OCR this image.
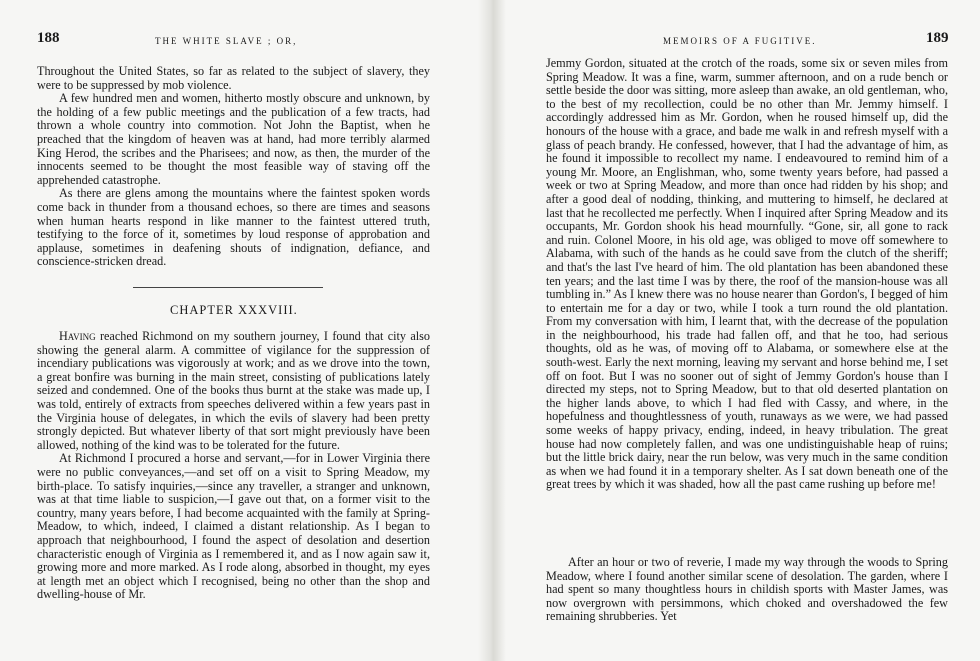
188	THE WHITE SLAVE ; OR,

Throughout the United States, so far as related to the subject of slavery, they were to be suppressed by mob violence.

A few hundred men and women, hitherto mostly obscure and unknown, by the holding of a few public meetings and the publication of a few tracts, had thrown a whole country into commotion. Not John the Baptist, when he preached that the kingdom of heaven was at hand, had more terribly alarmed King Herod, the scribes and the Pharisees; and now, as then, the murder of the innocents seemed to be thought the most feasible way of staving off the apprehended catastrophe.

As there are glens among the mountains where the faintest spoken words come back in thunder from a thousand echoes, so there are times and seasons when human hearts respond in like manner to the faintest uttered truth, testifying to the force of it, sometimes by loud response of approbation and applause, sometimes in deafening shouts of indignation, defiance, and conscience-stricken dread.

CHAPTER XXXVIII.

Having reached Richmond on my southern journey, I found that city also showing the general alarm. A committee of vigilance for the suppression of incendiary publications was vigorously at work; and as we drove into the town, a great bonfire was burning in the main street, consisting of publications lately seized and condemned. One of the books thus burnt at the stake was made up, I was told, entirely of extracts from speeches delivered within a few years past in the Virginia house of delegates, in which the evils of slavery had been pretty strongly depicted. But whatever liberty of that sort might previously have been allowed, nothing of the kind was to be tolerated for the future.

At Richmond I procured a horse and servant,—for in Lower Virginia there were no public conveyances,—and set off on a visit to Spring Meadow, my birth-place. To satisfy inquiries,—since any traveller, a stranger and unknown, was at that time liable to suspicion,—I gave out that, on a former visit to the country, many years before, I had become acquainted with the family at Spring-Meadow, to which, indeed, I claimed a distant relationship. As I began to approach that neighbourhood, I found the aspect of desolation and desertion characteristic enough of Virginia as I remembered it, and as I now again saw it, growing more and more marked. As I rode along, absorbed in thought, my eyes at length met an object which I recognised, being no other than the shop and dwelling-house of Mr.

MEMOIRS OF A FUGITIVE.	189

Jemmy Gordon, situated at the crotch of the roads, some six or seven miles from Spring Meadow. It was a fine, warm, summer afternoon, and on a rude bench or settle beside the door was sitting, more asleep than awake, an old gentleman, who, to the best of my recollection, could be no other than Mr. Jemmy himself. I accordingly addressed him as Mr. Gordon, when he roused himself up, did the honours of the house with a grace, and bade me walk in and refresh myself with a glass of peach brandy. He confessed, however, that I had the advantage of him, as he found it impossible to recollect my name. I endeavoured to remind him of a young Mr. Moore, an Englishman, who, some twenty years before, had passed a week or two at Spring Meadow, and more than once had ridden by his shop; and after a good deal of nodding, thinking, and muttering to himself, he declared at last that he recollected me perfectly. When I inquired after Spring Meadow and its occupants, Mr. Gordon shook his head mournfully. “Gone, sir, all gone to rack and ruin. Colonel Moore, in his old age, was obliged to move off somewhere to Alabama, with such of the hands as he could save from the clutch of the sheriff; and that's the last I've heard of him. The old plantation has been abandoned these ten years; and the last time I was by there, the roof of the mansion-house was all tumbling in.” As I knew there was no house nearer than Gordon's, I begged of him to entertain me for a day or two, while I took a turn round the old plantation. From my conversation with him, I learnt that, with the decrease of the population in the neighbourhood, his trade had fallen off, and that he too, had serious thoughts, old as he was, of moving off to Alabama, or somewhere else at the south-west. Early the next morning, leaving my servant and horse behind me, I set off on foot. But I was no sooner out of sight of Jemmy Gordon's house than I directed my steps, not to Spring Meadow, but to that old deserted plantation on the higher lands above, to which I had fled with Cassy, and where, in the hopefulness and thoughtlessness of youth, runaways as we were, we had passed some weeks of happy privacy, ending, indeed, in heavy tribulation. The great house had now completely fallen, and was one undistinguishable heap of ruins; but the little brick dairy, near the run below, was very much in the same condition as when we had found it in a temporary shelter. As I sat down beneath one of the great trees by which it was shaded, how all the past came rushing up before me!

After an hour or two of reverie, I made my way through the woods to Spring Meadow, where I found another similar scene of desolation. The garden, where I had spent so many thoughtless hours in childish sports with Master James, was now overgrown with persimmons, which choked and overshadowed the few remaining shrubberies. Yet
